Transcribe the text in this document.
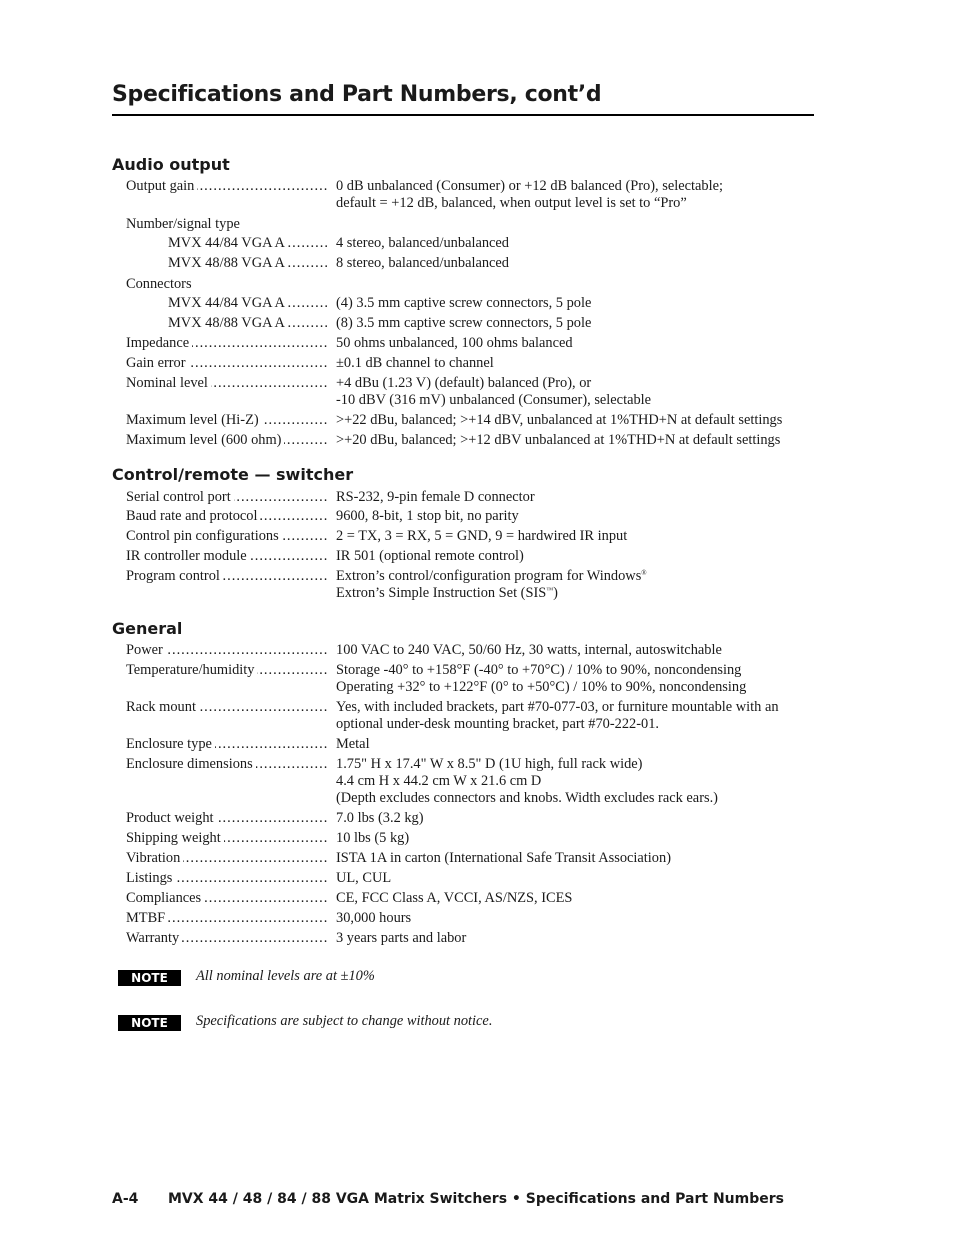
Specifications and Part Numbers, cont’d
Audio output
Output gain .....	0 dB unbalanced (Consumer) or +12 dB balanced (Pro), selectable;
default = +12 dB, balanced, when output level is set to “Pro”
Number/signal type
MVX 44/84 VGA A .....	4 stereo, balanced/unbalanced
MVX 48/88 VGA A .....	8 stereo, balanced/unbalanced
Connectors
MVX 44/84 VGA A .....	(4) 3.5 mm captive screw connectors, 5 pole
MVX 48/88 VGA A .....	(8) 3.5 mm captive screw connectors, 5 pole
Impedance .....	50 ohms unbalanced, 100 ohms balanced
Gain error .....	±0.1 dB channel to channel
Nominal level .....	+4 dBu (1.23 V) (default) balanced (Pro), or
-10 dBV (316 mV) unbalanced (Consumer), selectable
Maximum level (Hi-Z) .....	>+22 dBu, balanced; >+14 dBV, unbalanced at 1%THD+N at default settings
Maximum level (600 ohm) .....	>+20 dBu, balanced; >+12 dBV unbalanced at 1%THD+N at default settings
Control/remote — switcher
Serial control port .....	RS-232, 9-pin female D connector
Baud rate and protocol .....	9600, 8-bit, 1 stop bit, no parity
Control pin configurations .....	2 = TX, 3 = RX, 5 = GND, 9 = hardwired IR input
IR controller module .....	IR 501 (optional remote control)
Program control .....	Extron’s control/configuration program for Windows®
Extron’s Simple Instruction Set (SIS™)
General
Power .....	100 VAC to 240 VAC, 50/60 Hz, 30 watts, internal, autoswitchable
Temperature/humidity .....	Storage -40° to +158°F (-40° to +70°C) / 10% to 90%, noncondensing
Operating +32° to +122°F (0° to +50°C) / 10% to 90%, noncondensing
Rack mount .....	Yes, with included brackets, part #70-077-03, or furniture mountable with an
optional under-desk mounting bracket, part #70-222-01.
Enclosure type .....	Metal
Enclosure dimensions .....	1.75" H x 17.4" W x 8.5" D (1U high, full rack wide)
4.4 cm H x 44.2 cm W x 21.6 cm D
(Depth excludes connectors and knobs. Width excludes rack ears.)
Product weight .....	7.0 lbs (3.2 kg)
Shipping weight .....	10 lbs (5 kg)
Vibration .....	ISTA 1A in carton (International Safe Transit Association)
Listings .....	UL, CUL
Compliances .....	CE, FCC Class A, VCCI, AS/NZS, ICES
MTBF .....	30,000 hours
Warranty .....	3 years parts and labor
NOTE	All nominal levels are at ±10%
NOTE	Specifications are subject to change without notice.
A-4 MVX 44 / 48 / 84 / 88 VGA Matrix Switchers • Specifications and Part Numbers
